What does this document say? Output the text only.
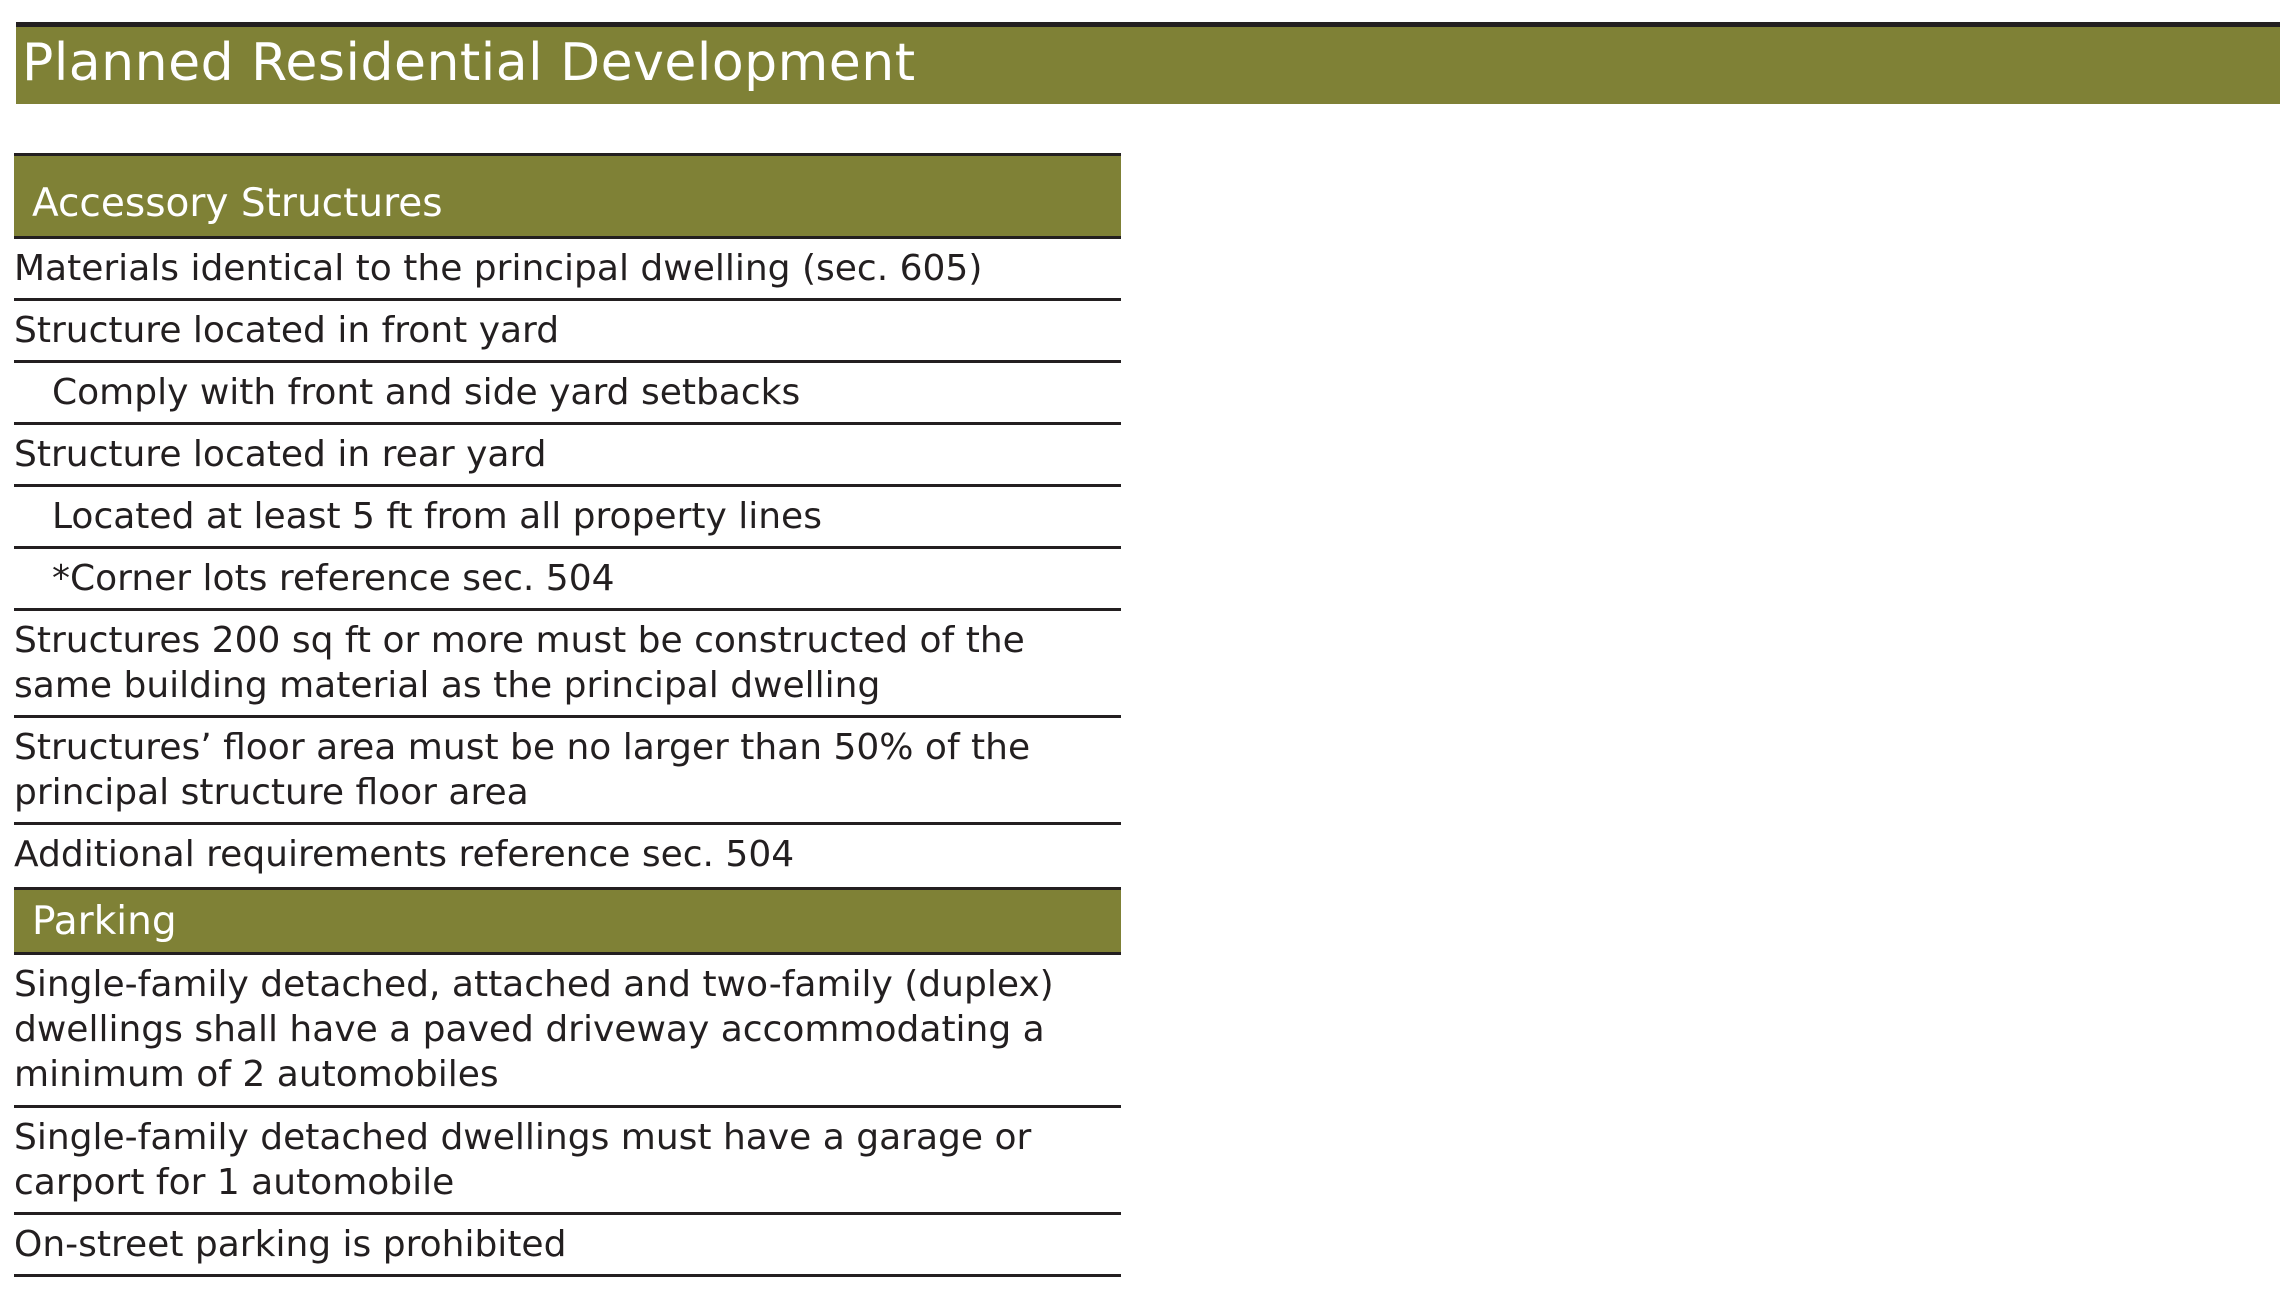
Planned Residential Development
Accessory Structures
Materials identical to the principal dwelling (sec. 605)
Structure located in front yard
Comply with front and side yard setbacks
Structure located in rear yard
Located at least 5 ft from all property lines
*Corner lots reference sec. 504
Structures 200 sq ft or more must be constructed of the same building material as the principal dwelling
Structures’ floor area must be no larger than 50% of the principal structure floor area
Additional requirements reference sec. 504
Parking
Single-family detached, attached and two-family (duplex) dwellings shall have a paved driveway accommodating a minimum of 2 automobiles
Single-family detached dwellings must have a garage or carport for 1 automobile
On-street parking is prohibited
